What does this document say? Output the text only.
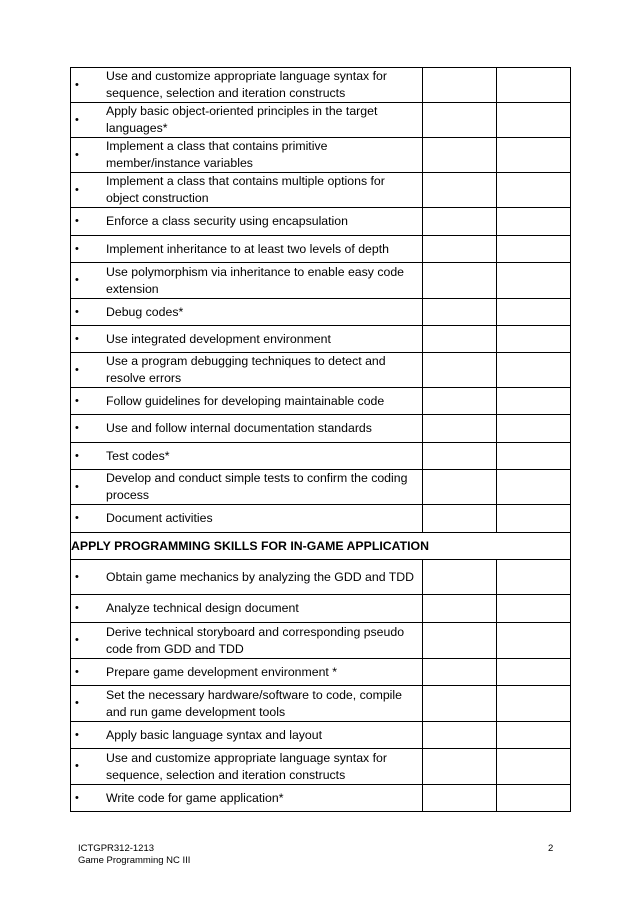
•
Use and customize appropriate language syntax for sequence, selection and iteration constructs		

•
Apply basic object-oriented principles in the target languages*		

•
Implement a class that contains primitive member/instance variables		

•
Implement a class that contains multiple options for object construction		

• Enforce a class security using encapsulation		

• Implement inheritance to at least two levels of depth		

•
Use polymorphism via inheritance to enable easy code extension		

• Debug codes*		

• Use integrated development environment		

•
Use a program debugging techniques to detect and resolve errors		

• Follow guidelines for developing maintainable code		

• Use and follow internal documentation standards		

• Test codes*		

•
Develop and conduct simple tests to confirm the coding process		

• Document activities		

APPLY PROGRAMMING SKILLS FOR IN-GAME APPLICATION		

• Obtain game mechanics by analyzing the GDD and TDD		

• Analyze technical design document		

•
Derive technical storyboard and corresponding pseudo code from GDD and TDD		

• Prepare game development environment *		

•
Set the necessary hardware/software to code, compile and run game development tools		

• Apply basic language syntax and layout		

•
Use and customize appropriate language syntax for sequence, selection and iteration constructs		

• Write code for game application*		

ICTGPR312-1213
Game Programming NC III
2
